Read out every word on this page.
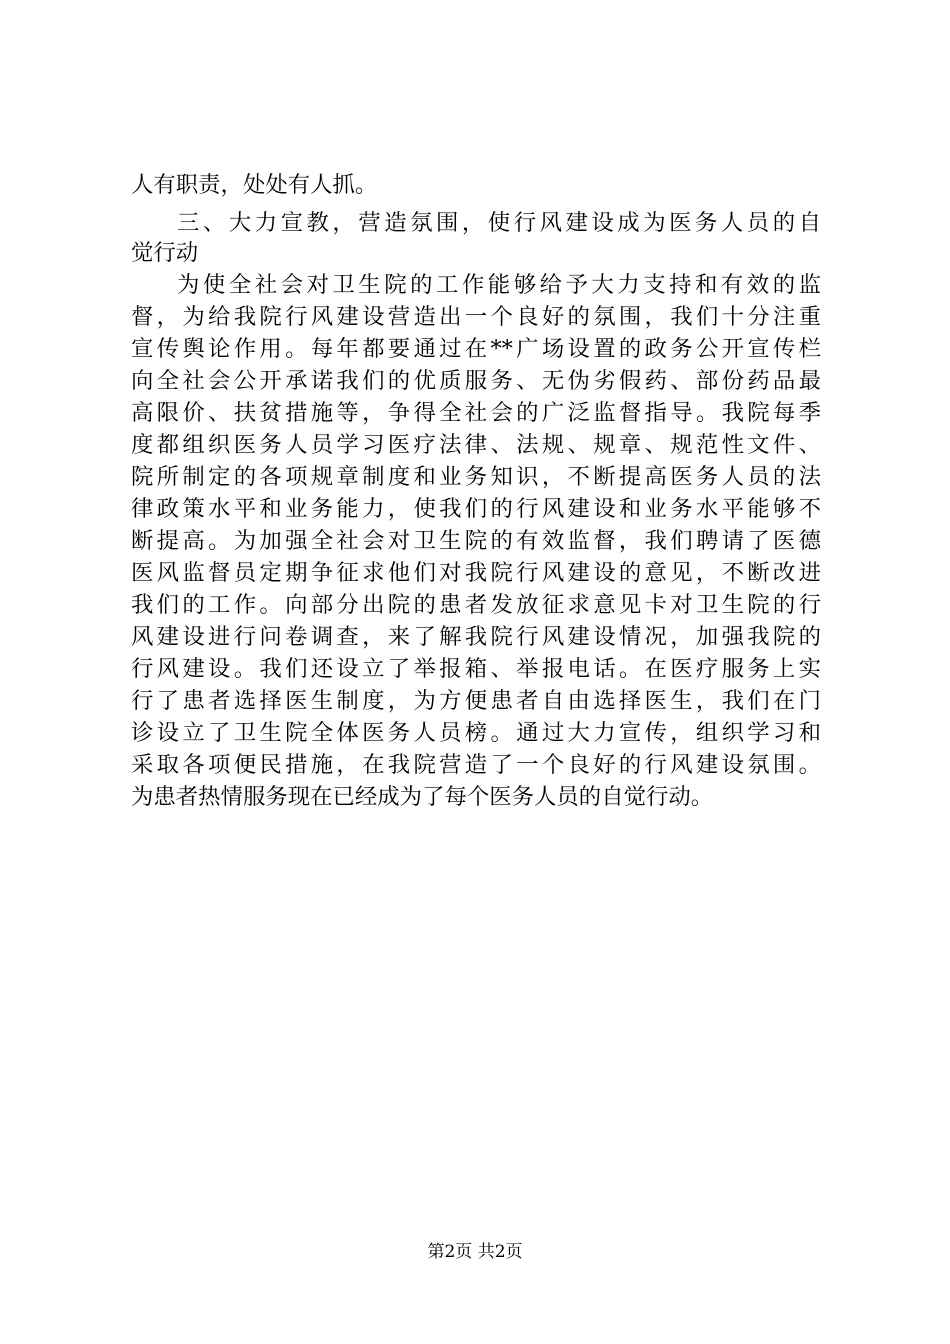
人有职责，处处有人抓。
三、大力宣教，营造氛围，使行风建设成为医务人员的自
觉行动
为使全社会对卫生院的工作能够给予大力支持和有效的监
督，为给我院行风建设营造出一个良好的氛围，我们十分注重
宣传舆论作用。每年都要通过在**广场设置的政务公开宣传栏
向全社会公开承诺我们的优质服务、无伪劣假药、部份药品最
高限价、扶贫措施等，争得全社会的广泛监督指导。我院每季
度都组织医务人员学习医疗法律、法规、规章、规范性文件、
院所制定的各项规章制度和业务知识，不断提高医务人员的法
律政策水平和业务能力，使我们的行风建设和业务水平能够不
断提高。为加强全社会对卫生院的有效监督，我们聘请了医德
医风监督员定期争征求他们对我院行风建设的意见，不断改进
我们的工作。向部分出院的患者发放征求意见卡对卫生院的行
风建设进行问卷调查，来了解我院行风建设情况，加强我院的
行风建设。我们还设立了举报箱、举报电话。在医疗服务上实
行了患者选择医生制度，为方便患者自由选择医生，我们在门
诊设立了卫生院全体医务人员榜。通过大力宣传，组织学习和
采取各项便民措施，在我院营造了一个良好的行风建设氛围。
为患者热情服务现在已经成为了每个医务人员的自觉行动。
第2页 共2页
